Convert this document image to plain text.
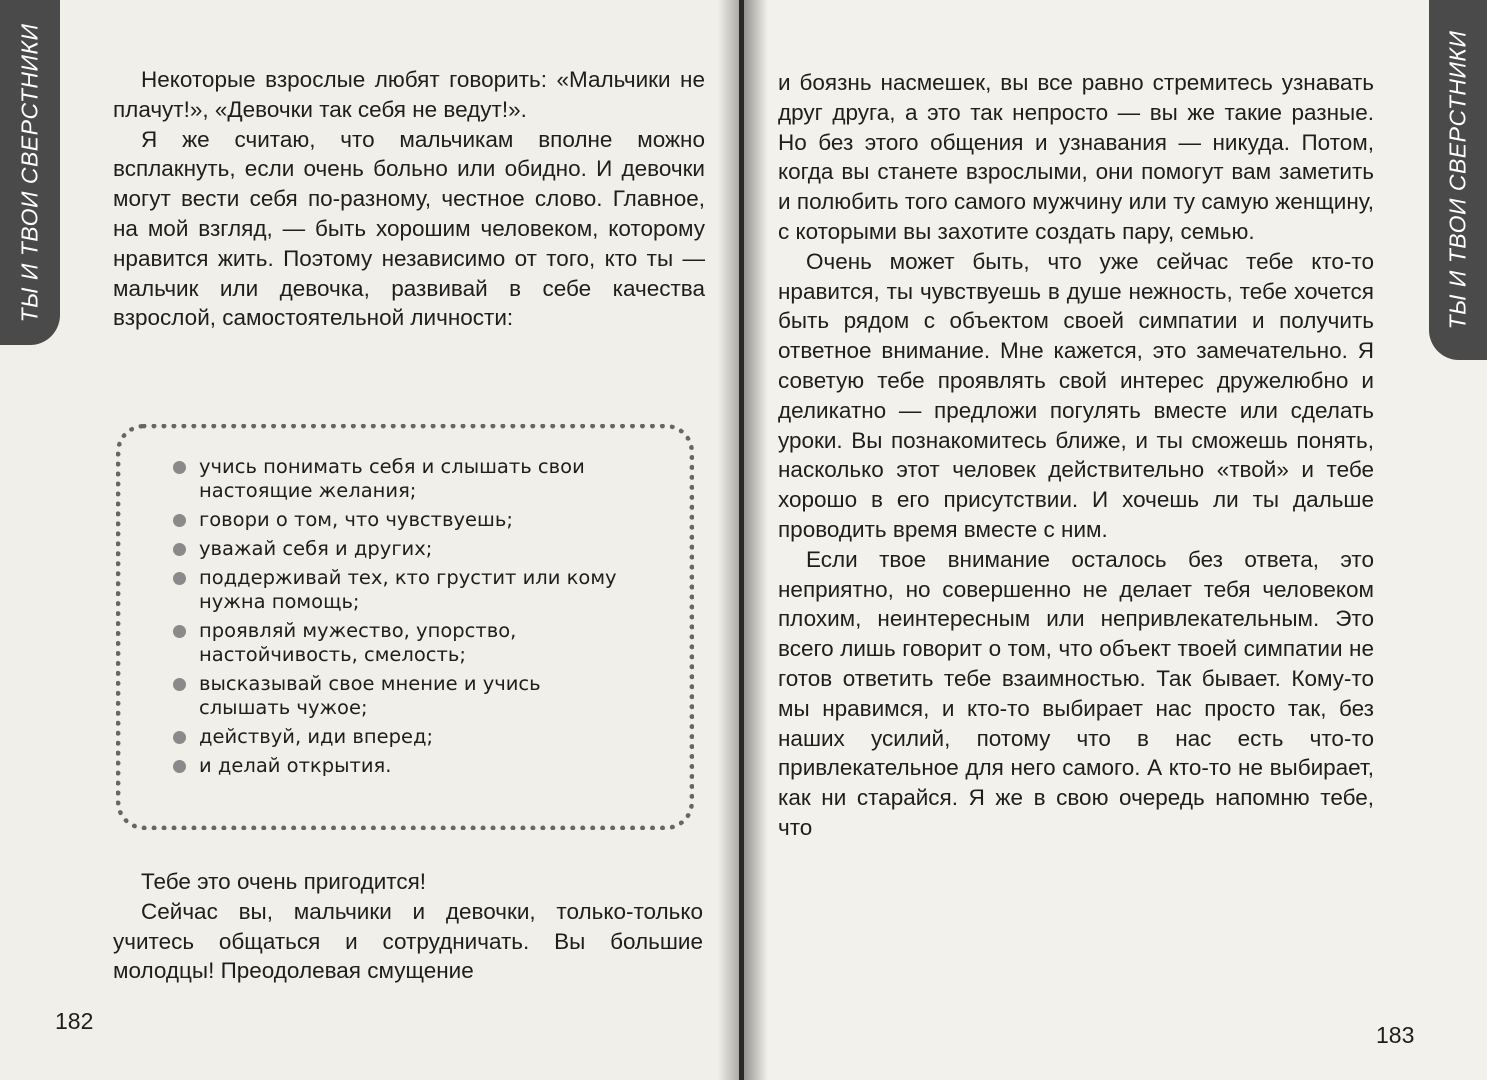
ТЫ И ТВОИ СВЕРСТНИКИ	Некоторые взрослые любят говорить: «Мальчики не плачут!», «Девочки так себя не ведут!».

Я же считаю, что мальчикам вполне можно всплакнуть, если очень больно или обидно. И девочки могут вести себя по-разному, честное слово. Главное, на мой взгляд, — быть хорошим человеком, которому нравится жить. Поэтому независимо от того, кто ты — мальчик или девочка, развивай в себе качества взрослой, самостоятельной личности:

учись понимать себя и слышать свои настоящие желания;
говори о том, что чувствуешь;
уважай себя и других;
поддерживай тех, кто грустит или кому нужна помощь;
проявляй мужество, упорство, настойчивость, смелость;
высказывай свое мнение и учись слышать чужое;
действуй, иди вперед;
и делай открытия.

Тебе это очень пригодится!

Сейчас вы, мальчики и девочки, только-только учитесь общаться и сотрудничать. Вы большие молодцы! Преодолевая смущение

182
ТЫ И ТВОИ СВЕРСТНИКИ

и боязнь насмешек, вы все равно стремитесь узнавать друг друга, а это так непросто — вы же такие разные. Но без этого общения и узнавания — никуда. Потом, когда вы станете взрослыми, они помогут вам заметить и полюбить того самого мужчину или ту самую женщину, с которыми вы захотите создать пару, семью.

Очень может быть, что уже сейчас тебе кто-то нравится, ты чувствуешь в душе нежность, тебе хочется быть рядом с объектом своей симпатии и получить ответное внимание. Мне кажется, это замечательно. Я советую тебе проявлять свой интерес дружелюбно и деликатно — предложи погулять вместе или сделать уроки. Вы познакомитесь ближе, и ты сможешь понять, насколько этот человек действительно «твой» и тебе хорошо в его присутствии. И хочешь ли ты дальше проводить время вместе с ним.

Если твое внимание осталось без ответа, это неприятно, но совершенно не делает тебя человеком плохим, неинтересным или непривлекательным. Это всего лишь говорит о том, что объект твоей симпатии не готов ответить тебе взаимностью. Так бывает. Кому-то мы нравимся, и кто-то выбирает нас просто так, без наших усилий, потому что в нас есть что-то привлекательное для него самого. А кто-то не выбирает, как ни старайся. Я же в свою очередь напомню тебе, что

183
